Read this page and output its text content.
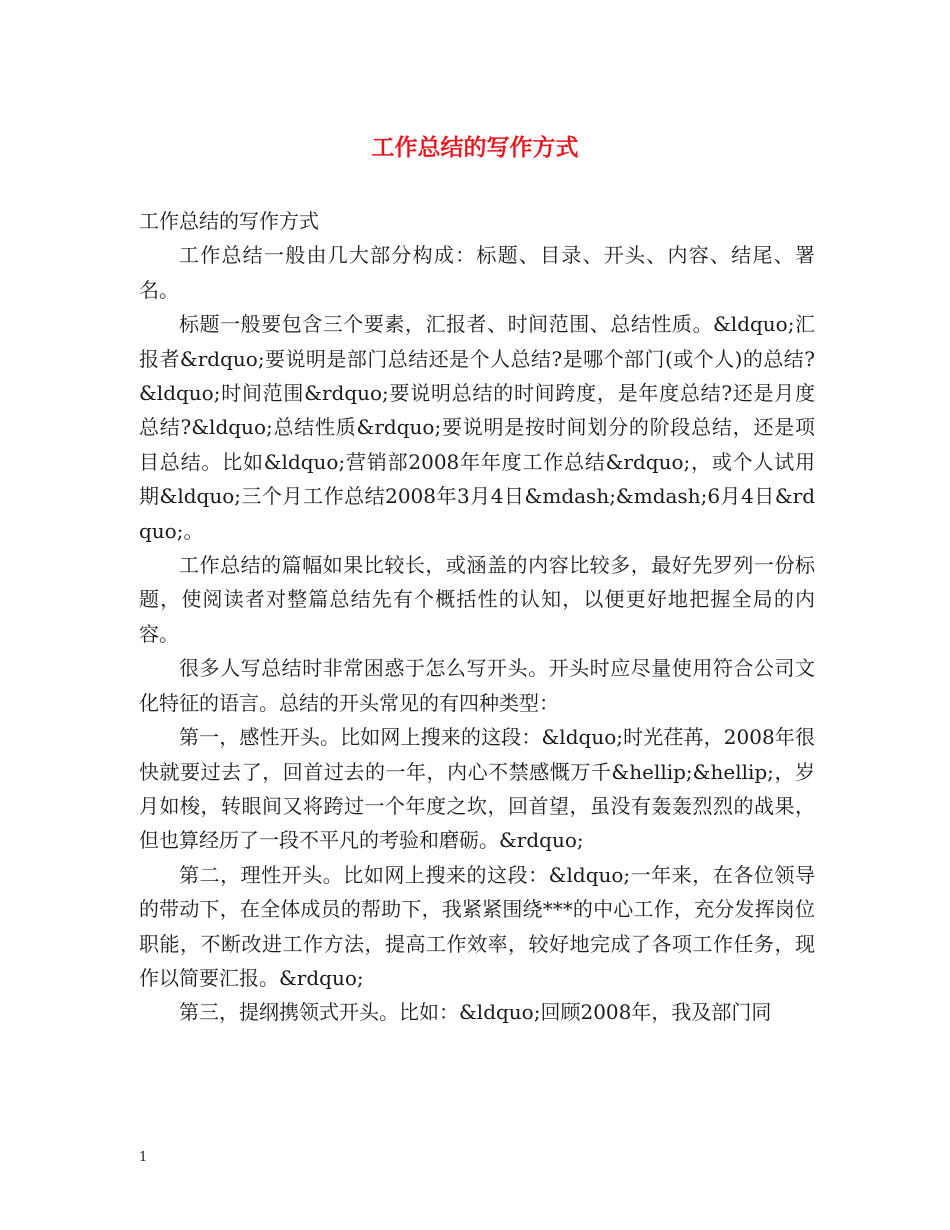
工作总结的写作方式

工作总结的写作方式

工作总结一般由几大部分构成：标题、目录、开头、内容、结尾、署名。

标题一般要包含三个要素，汇报者、时间范围、总结性质。&ldquo;汇报者&rdquo;要说明是部门总结还是个人总结?是哪个部门(或个人)的总结?&ldquo;时间范围&rdquo;要说明总结的时间跨度，是年度总结?还是月度总结?&ldquo;总结性质&rdquo;要说明是按时间划分的阶段总结，还是项目总结。比如&ldquo;营销部2008年年度工作总结&rdquo;，或个人试用期&ldquo;三个月工作总结2008年3月4日&mdash;&mdash;6月4日&rdquo;。

工作总结的篇幅如果比较长，或涵盖的内容比较多，最好先罗列一份标题，使阅读者对整篇总结先有个概括性的认知，以便更好地把握全局的内容。

很多人写总结时非常困惑于怎么写开头。开头时应尽量使用符合公司文化特征的语言。总结的开头常见的有四种类型：

第一，感性开头。比如网上搜来的这段：&ldquo;时光荏苒，2008年很快就要过去了，回首过去的一年，内心不禁感慨万千&hellip;&hellip;，岁月如梭，转眼间又将跨过一个年度之坎，回首望，虽没有轰轰烈烈的战果，但也算经历了一段不平凡的考验和磨砺。&rdquo;

第二，理性开头。比如网上搜来的这段：&ldquo;一年来，在各位领导的带动下，在全体成员的帮助下，我紧紧围绕***的中心工作，充分发挥岗位职能，不断改进工作方法，提高工作效率，较好地完成了各项工作任务，现作以简要汇报。&rdquo;

第三，提纲携领式开头。比如：&ldquo;回顾2008年，我及部门同

1
